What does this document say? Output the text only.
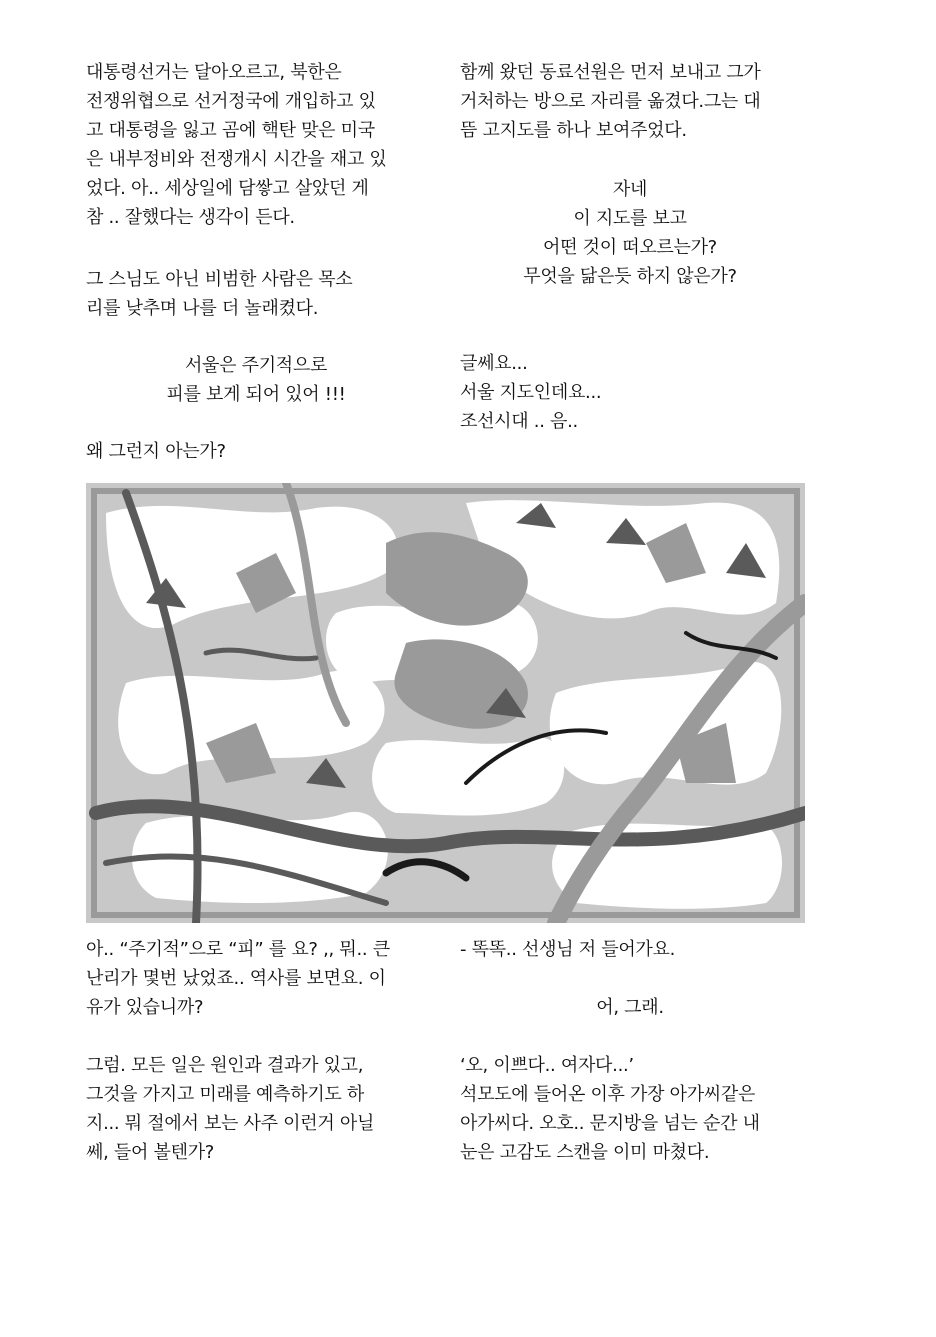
대통령선거는 달아오르고, 북한은
전쟁위협으로 선거정국에 개입하고 있
고 대통령을 잃고 곰에 핵탄 맞은 미국
은 내부정비와 전쟁개시 시간을 재고 있
었다. 아.. 세상일에 담쌓고 살았던 게
참 .. 잘했다는 생각이 든다.
그 스님도 아닌 비범한 사람은 목소
리를 낮추며 나를 더 놀래켰다.
서울은 주기적으로
피를 보게 되어 있어 !!!
왜 그런지 아는가?
함께 왔던 동료선원은 먼저 보내고 그가
거처하는 방으로 자리를 옮겼다.그는 대
뜸 고지도를 하나 보여주었다.
자네
이 지도를 보고
어떤 것이 떠오르는가?
무엇을 닮은듯 하지 않은가?
글쎄요...
서울 지도인데요...
조선시대 .. 음..
아.. “주기적”으로 “피” 를 요? ,, 뭐.. 큰
난리가 몇번 났었죠.. 역사를 보면요. 이
유가 있습니까?
그럼. 모든 일은 원인과 결과가 있고,
그것을 가지고 미래를 예측하기도 하
지... 뭐 절에서 보는 사주 이런거 아닐
쎄, 들어 볼텐가?
- 똑똑.. 선생님 저 들어가요.
어, 그래.
‘오, 이쁘다.. 여자다...’
석모도에 들어온 이후 가장 아가씨같은
아가씨다. 오호.. 문지방을 넘는 순간 내
눈은 고감도 스캔을 이미 마쳤다.
